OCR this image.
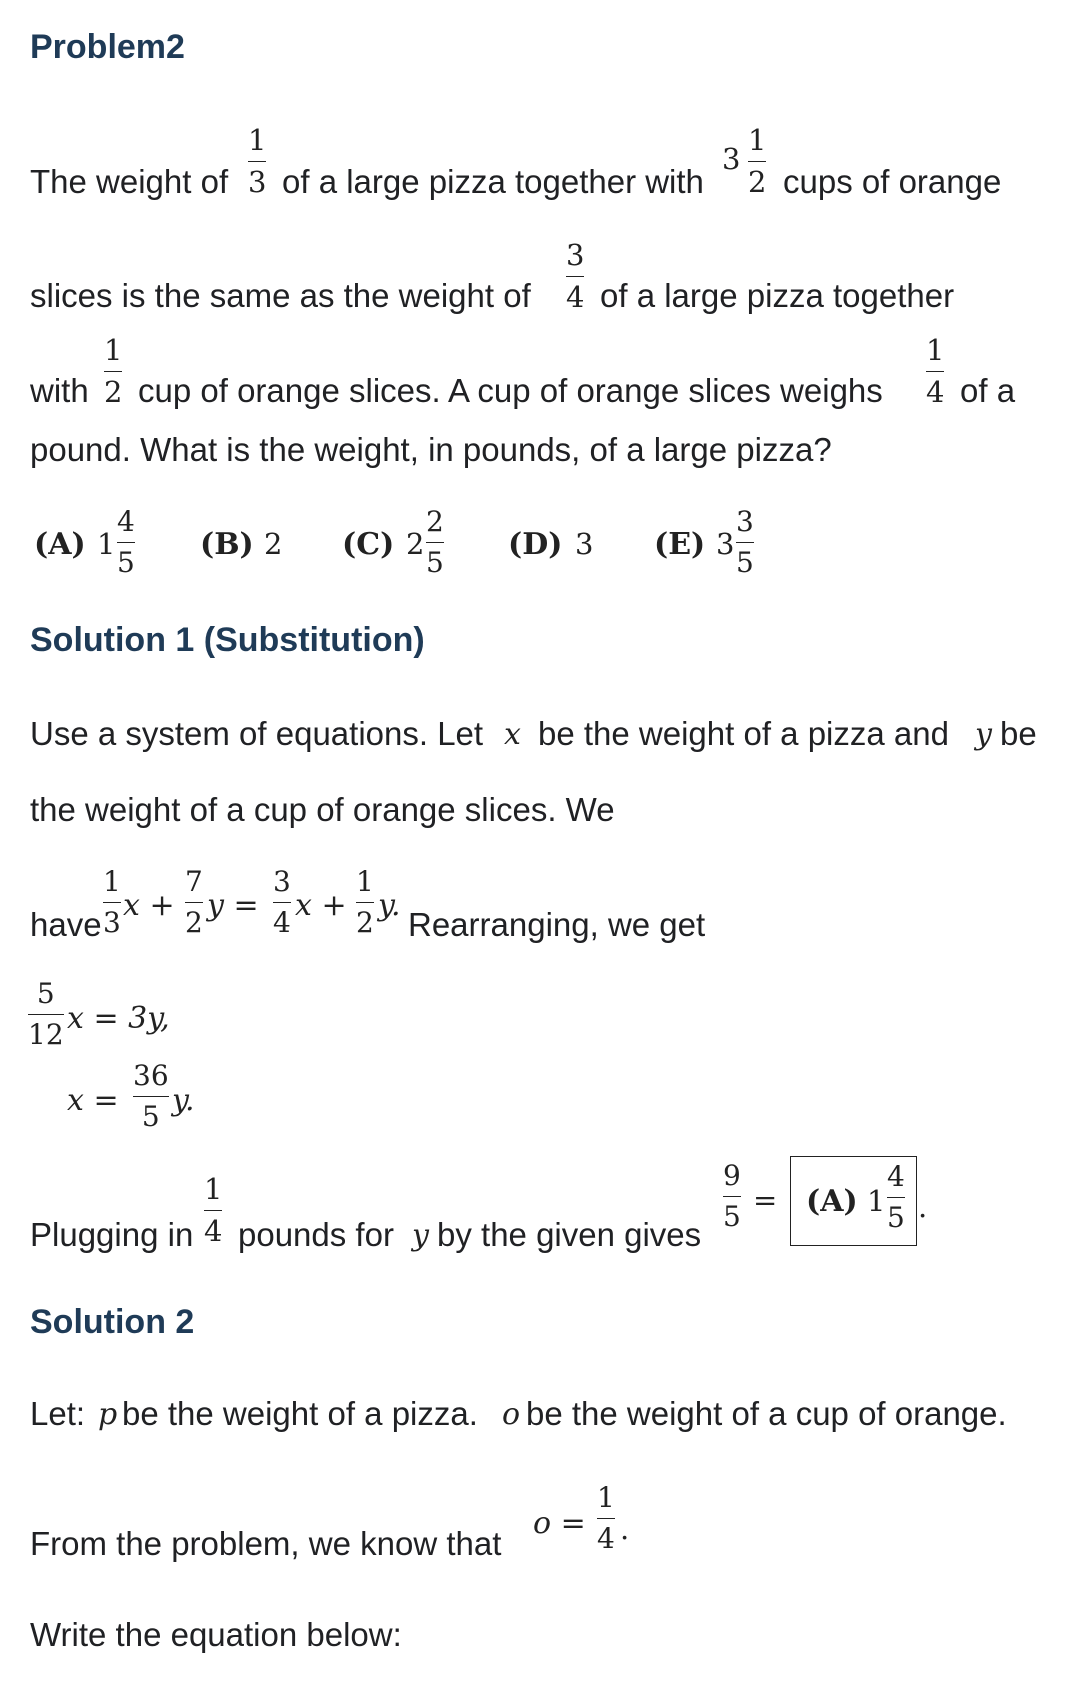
Problem2
The weight of
1
3 of a large pizza together with
3
1
2 cups of orange
slices is the same as the weight of
3
4 of a large pizza together
with
1
2 cup of orange slices. A cup of orange slices weighs
1
4 of a
pound. What is the weight, in pounds, of a large pizza?
(A) 1
4
5
(B) 2 (C) 2
2
5
(D) 3 (E) 3
3
5
Solution 1 (Substitution)
Use a system of equations. Let x be the weight of a pizza and y be
the weight of a cup of orange slices. We
have
1
3 x +
7
2 y =
3
4 x +
1
2 y.
Rearranging, we get
5
12 x = 3y,
x =
36
5 y.
Plugging in
1
4 pounds for y by the given gives
9
5 = (A) 1
4
5 .
Solution 2
Let: p be the weight of a pizza. o be the weight of a cup of orange.
From the problem, we know that
o =
1
4 .
Write the equation below:
